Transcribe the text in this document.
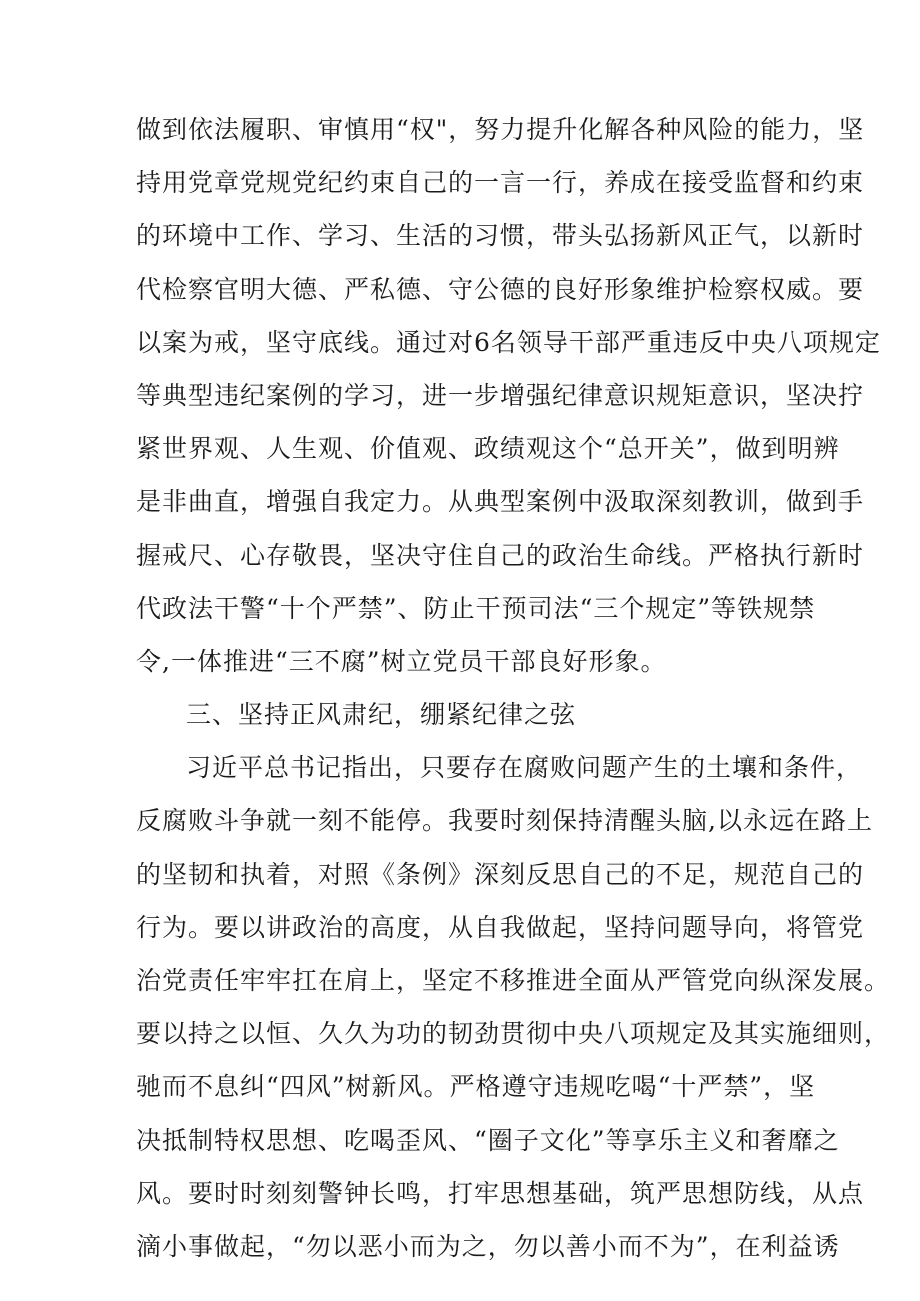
做到依法履职、审慎用“权"，努力提升化解各种风险的能力，坚
持用党章党规党纪约束自己的一言一行，养成在接受监督和约束
的环境中工作、学习、生活的习惯，带头弘扬新风正气，以新时
代检察官明大德、严私德、守公德的良好形象维护检察权威。要
以案为戒，坚守底线。通过对6名领导干部严重违反中央八项规定
等典型违纪案例的学习，进一步增强纪律意识规矩意识，坚决拧
紧世界观、人生观、价值观、政绩观这个“总开关”，做到明辨
是非曲直，增强自我定力。从典型案例中汲取深刻教训，做到手
握戒尺、心存敬畏，坚决守住自己的政治生命线。严格执行新时
代政法干警“十个严禁”、防止干预司法“三个规定”等铁规禁
令,一体推进“三不腐”树立党员干部良好形象。
三、坚持正风肃纪，绷紧纪律之弦
习近平总书记指出，只要存在腐败问题产生的土壤和条件，
反腐败斗争就一刻不能停。我要时刻保持清醒头脑,以永远在路上
的坚韧和执着，对照《条例》深刻反思自己的不足，规范自己的
行为。要以讲政治的高度，从自我做起，坚持问题导向，将管党
治党责任牢牢扛在肩上，坚定不移推进全面从严管党向纵深发展。
要以持之以恒、久久为功的韧劲贯彻中央八项规定及其实施细则，
驰而不息纠“四风”树新风。严格遵守违规吃喝“十严禁”，坚
决抵制特权思想、吃喝歪风、“圈子文化”等享乐主义和奢靡之
风。要时时刻刻警钟长鸣，打牢思想基础，筑严思想防线，从点
滴小事做起，“勿以恶小而为之，勿以善小而不为”，在利益诱
